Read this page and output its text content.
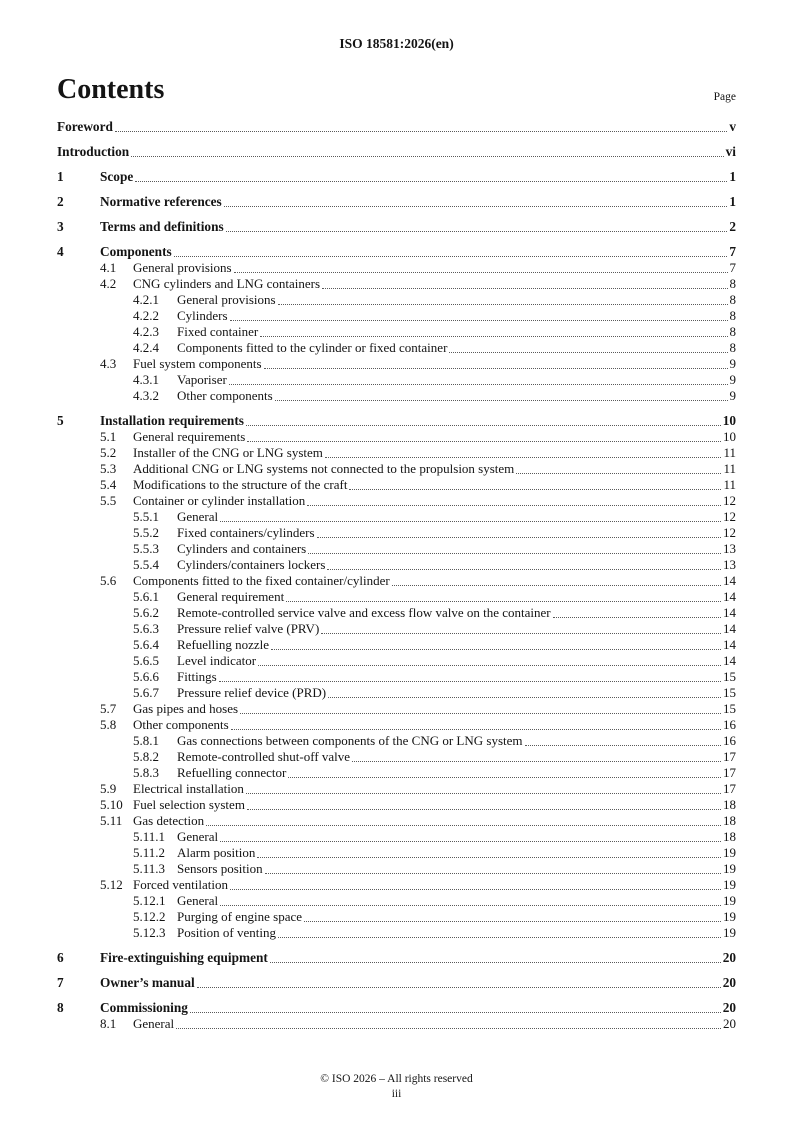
ISO 18581:2026(en)
Contents	Page
Foreword	v
Introduction	vi
1	Scope	1
2	Normative references	1
3	Terms and definitions	2
4	Components	7
4.1	General provisions	7
4.2	CNG cylinders and LNG containers	8
4.2.1	General provisions	8
4.2.2	Cylinders	8
4.2.3	Fixed container	8
4.2.4	Components fitted to the cylinder or fixed container	8
4.3	Fuel system components	9
4.3.1	Vaporiser	9
4.3.2	Other components	9
5	Installation requirements	10
5.1	General requirements	10
5.2	Installer of the CNG or LNG system	11
5.3	Additional CNG or LNG systems not connected to the propulsion system	11
5.4	Modifications to the structure of the craft	11
5.5	Container or cylinder installation	12
5.5.1	General	12
5.5.2	Fixed containers/cylinders	12
5.5.3	Cylinders and containers	13
5.5.4	Cylinders/containers lockers	13
5.6	Components fitted to the fixed container/cylinder	14
5.6.1	General requirement	14
5.6.2	Remote-controlled service valve and excess flow valve on the container	14
5.6.3	Pressure relief valve (PRV)	14
5.6.4	Refuelling nozzle	14
5.6.5	Level indicator	14
5.6.6	Fittings	15
5.6.7	Pressure relief device (PRD)	15
5.7	Gas pipes and hoses	15
5.8	Other components	16
5.8.1	Gas connections between components of the CNG or LNG system	16
5.8.2	Remote-controlled shut-off valve	17
5.8.3	Refuelling connector	17
5.9	Electrical installation	17
5.10 Fuel selection system	18
5.11 Gas detection	18
5.11.1 General	18
5.11.2 Alarm position	19
5.11.3 Sensors position	19
5.12 Forced ventilation	19
5.12.1 General	19
5.12.2 Purging of engine space	19
5.12.3 Position of venting	19
6	Fire-extinguishing equipment	20
7	Owner’s manual	20
8	Commissioning	20
8.1	General	20
© ISO 2026 – All rights reserved
iii
